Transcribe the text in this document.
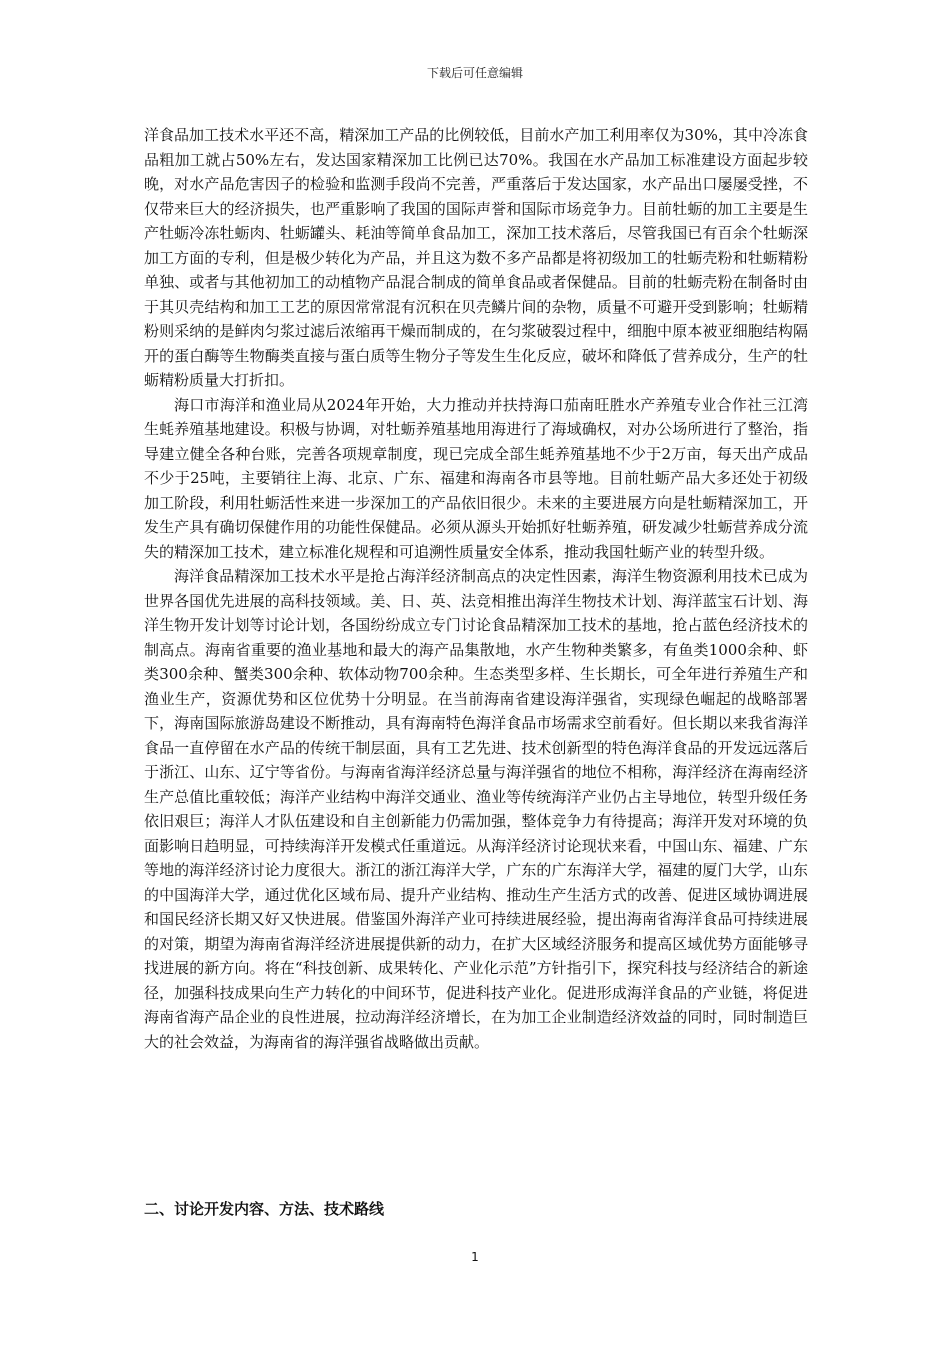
下载后可任意编辑

洋食品加工技术水平还不高，精深加工产品的比例较低，目前水产加工利用率仅为30%，其中冷冻食品粗加工就占50%左右，发达国家精深加工比例已达70%。我国在水产品加工标准建设方面起步较晚，对水产品危害因子的检验和监测手段尚不完善，严重落后于发达国家，水产品出口屡屡受挫，不仅带来巨大的经济损失，也严重影响了我国的国际声誉和国际市场竞争力。目前牡蛎的加工主要是生产牡蛎冷冻牡蛎肉、牡蛎罐头、耗油等简单食品加工，深加工技术落后，尽管我国已有百余个牡蛎深加工方面的专利，但是极少转化为产品，并且这为数不多产品都是将初级加工的牡蛎壳粉和牡蛎精粉单独、或者与其他初加工的动植物产品混合制成的简单食品或者保健品。目前的牡蛎壳粉在制备时由于其贝壳结构和加工工艺的原因常常混有沉积在贝壳鳞片间的杂物，质量不可避开受到影响；牡蛎精粉则采纳的是鲜肉匀浆过滤后浓缩再干燥而制成的，在匀浆破裂过程中，细胞中原本被亚细胞结构隔开的蛋白酶等生物酶类直接与蛋白质等生物分子等发生生化反应，破坏和降低了营养成分，生产的牡蛎精粉质量大打折扣。

海口市海洋和渔业局从2024年开始，大力推动并扶持海口茄南旺胜水产养殖专业合作社三江湾生蚝养殖基地建设。积极与协调，对牡蛎养殖基地用海进行了海域确权，对办公场所进行了整治，指导建立健全各种台账，完善各项规章制度，现已完成全部生蚝养殖基地不少于2万亩，每天出产成品不少于25吨，主要销往上海、北京、广东、福建和海南各市县等地。目前牡蛎产品大多还处于初级加工阶段，利用牡蛎活性来进一步深加工的产品依旧很少。未来的主要进展方向是牡蛎精深加工，开发生产具有确切保健作用的功能性保健品。必须从源头开始抓好牡蛎养殖，研发减少牡蛎营养成分流失的精深加工技术，建立标准化规程和可追溯性质量安全体系，推动我国牡蛎产业的转型升级。

海洋食品精深加工技术水平是抢占海洋经济制高点的决定性因素，海洋生物资源利用技术已成为世界各国优先进展的高科技领域。美、日、英、法竞相推出海洋生物技术计划、海洋蓝宝石计划、海洋生物开发计划等讨论计划，各国纷纷成立专门讨论食品精深加工技术的基地，抢占蓝色经济技术的制高点。海南省重要的渔业基地和最大的海产品集散地，水产生物种类繁多，有鱼类1000余种、虾类300余种、蟹类300余种、软体动物700余种。生态类型多样、生长期长，可全年进行养殖生产和渔业生产，资源优势和区位优势十分明显。在当前海南省建设海洋强省，实现绿色崛起的战略部署下，海南国际旅游岛建设不断推动，具有海南特色海洋食品市场需求空前看好。但长期以来我省海洋食品一直停留在水产品的传统干制层面，具有工艺先进、技术创新型的特色海洋食品的开发远远落后于浙江、山东、辽宁等省份。与海南省海洋经济总量与海洋强省的地位不相称，海洋经济在海南经济生产总值比重较低；海洋产业结构中海洋交通业、渔业等传统海洋产业仍占主导地位，转型升级任务依旧艰巨；海洋人才队伍建设和自主创新能力仍需加强，整体竞争力有待提高；海洋开发对环境的负面影响日趋明显，可持续海洋开发模式任重道远。从海洋经济讨论现状来看，中国山东、福建、广东等地的海洋经济讨论力度很大。浙江的浙江海洋大学，广东的广东海洋大学，福建的厦门大学，山东的中国海洋大学，通过优化区域布局、提升产业结构、推动生产生活方式的改善、促进区域协调进展和国民经济长期又好又快进展。借鉴国外海洋产业可持续进展经验，提出海南省海洋食品可持续进展的对策，期望为海南省海洋经济进展提供新的动力，在扩大区域经济服务和提高区域优势方面能够寻找进展的新方向。将在“科技创新、成果转化、产业化示范”方针指引下，探究科技与经济结合的新途径，加强科技成果向生产力转化的中间环节，促进科技产业化。促进形成海洋食品的产业链，将促进海南省海产品企业的良性进展，拉动海洋经济增长，在为加工企业制造经济效益的同时，同时制造巨大的社会效益，为海南省的海洋强省战略做出贡献。

二、讨论开发内容、方法、技术路线
1
